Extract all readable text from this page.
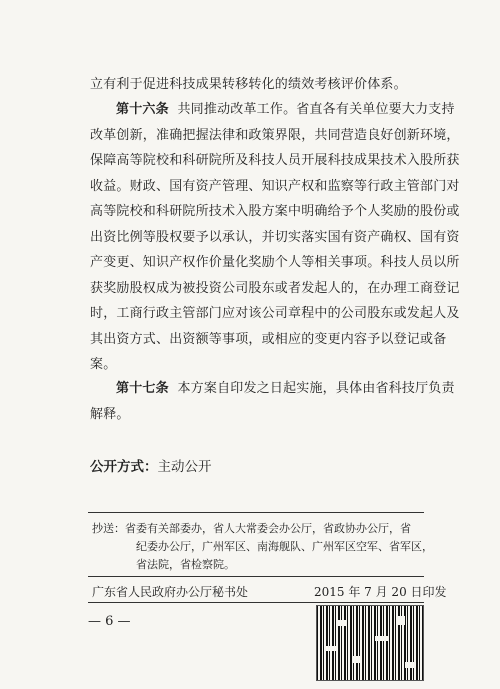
立有利于促进科技成果转移转化的绩效考核评价体系。
第十六条 共同推动改革工作。省直各有关单位要大力支持
改革创新，准确把握法律和政策界限，共同营造良好创新环境，
保障高等院校和科研院所及科技人员开展科技成果技术入股所获
收益。财政、国有资产管理、知识产权和监察等行政主管部门对
高等院校和科研院所技术入股方案中明确给予个人奖励的股份或
出资比例等股权要予以承认，并切实落实国有资产确权、国有资
产变更、知识产权作价量化奖励个人等相关事项。科技人员以所
获奖励股权成为被投资公司股东或者发起人的，在办理工商登记
时，工商行政主管部门应对该公司章程中的公司股东或发起人及
其出资方式、出资额等事项，或相应的变更内容予以登记或备
案。
第十七条 本方案自印发之日起实施，具体由省科技厅负责
解释。
公开方式：主动公开
抄送：省委有关部委办，省人大常委会办公厅，省政协办公厅，省
纪委办公厅，广州军区、南海舰队、广州军区空军、省军区，
省法院，省检察院。
广东省人民政府办公厅秘书处	2015 年 7 月 20 日印发
— 6 —
